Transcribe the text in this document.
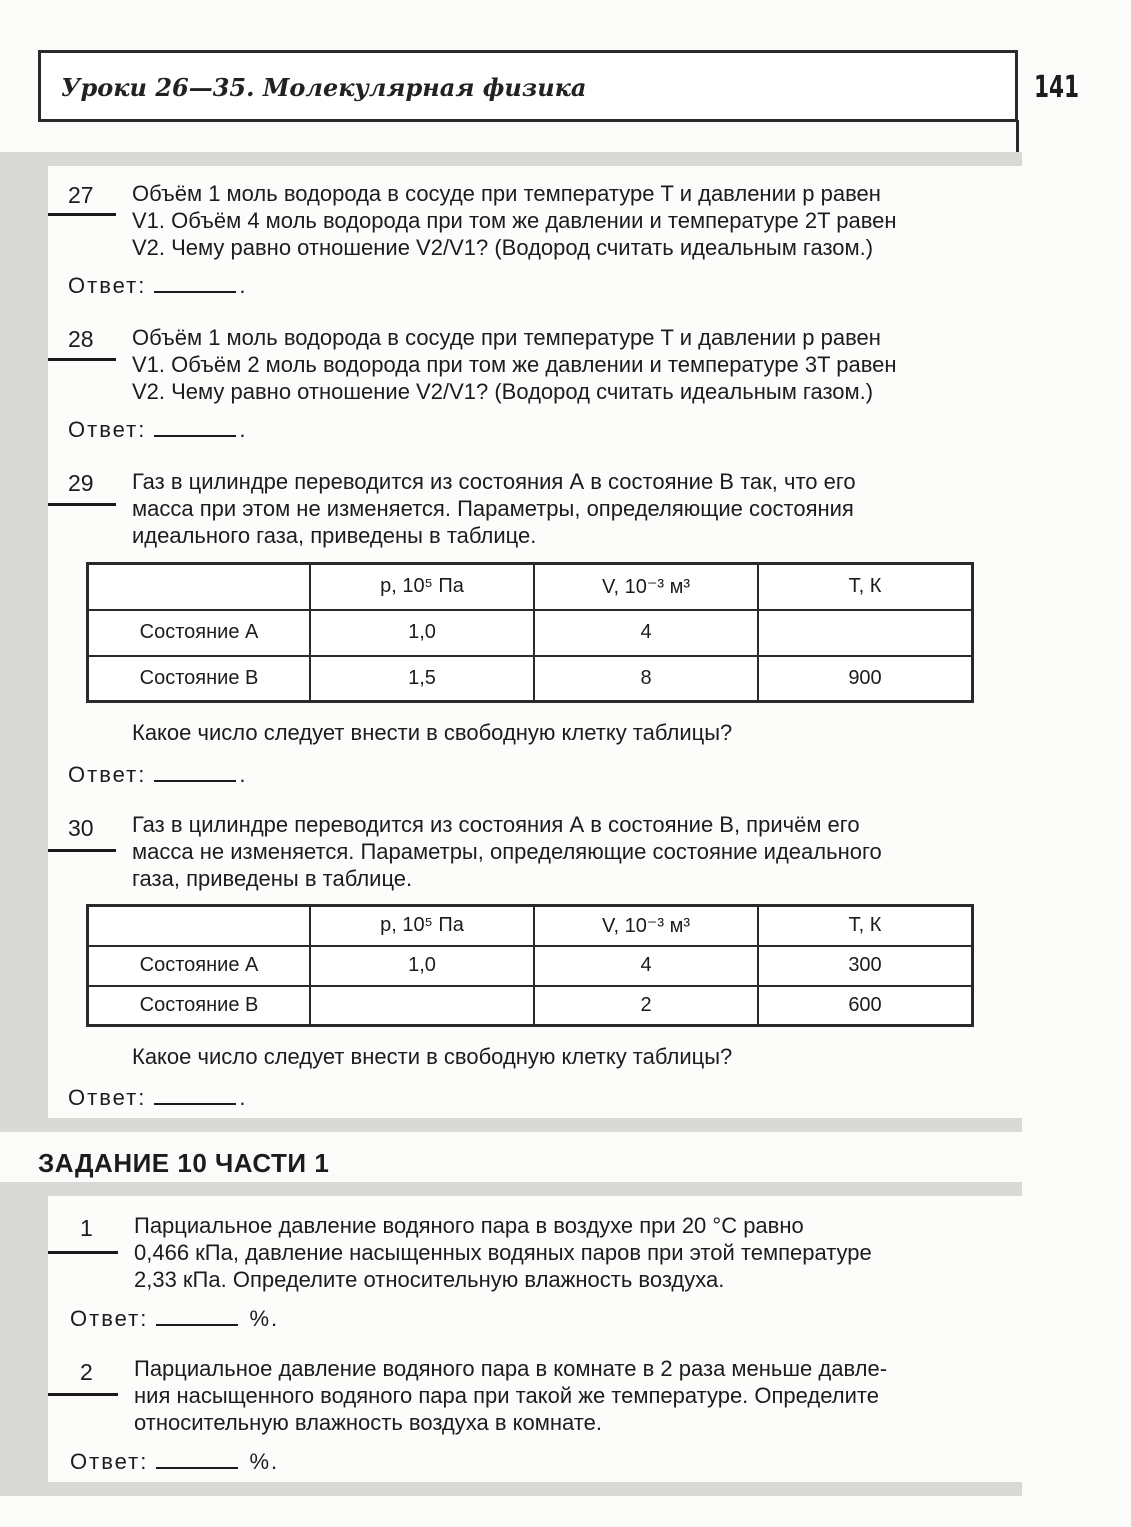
Уроки 26—35. Молекулярная физика	141
27 Объём 1 моль водорода в сосуде при температуре T и давлении p равен
V1. Объём 4 моль водорода при том же давлении и температуре 2T равен
V2. Чему равно отношение V2/V1? (Водород считать идеальным газом.)
Ответ:	.
28 Объём 1 моль водорода в сосуде при температуре T и давлении p равен
V1. Объём 2 моль водорода при том же давлении и температуре 3T равен
V2. Чему равно отношение V2/V1? (Водород считать идеальным газом.)
Ответ:	.
29 Газ в цилиндре переводится из состояния А в состояние В так, что его
масса при этом не изменяется. Параметры, определяющие состояния
идеального газа, приведены в таблице.
	p, 10⁵ Па	V, 10⁻³ м³	T, К
Состояние А	1,0	4	
Состояние В	1,5	8	900
Какое число следует внести в свободную клетку таблицы?
Ответ:	.
30 Газ в цилиндре переводится из состояния А в состояние В, причём его
масса не изменяется. Параметры, определяющие состояние идеального
газа, приведены в таблице.
	p, 10⁵ Па	V, 10⁻³ м³	T, К
Состояние А	1,0	4	300
Состояние В		2	600
Какое число следует внести в свободную клетку таблицы?
Ответ:	.
ЗАДАНИЕ 10 ЧАСТИ 1
1 Парциальное давление водяного пара в воздухе при 20 °С равно
0,466 кПа, давление насыщенных водяных паров при этой температуре
2,33 кПа. Определите относительную влажность воздуха.
Ответ:	%.
2 Парциальное давление водяного пара в комнате в 2 раза меньше давле-
ния насыщенного водяного пара при такой же температуре. Определите
относительную влажность воздуха в комнате.
Ответ:	%.
